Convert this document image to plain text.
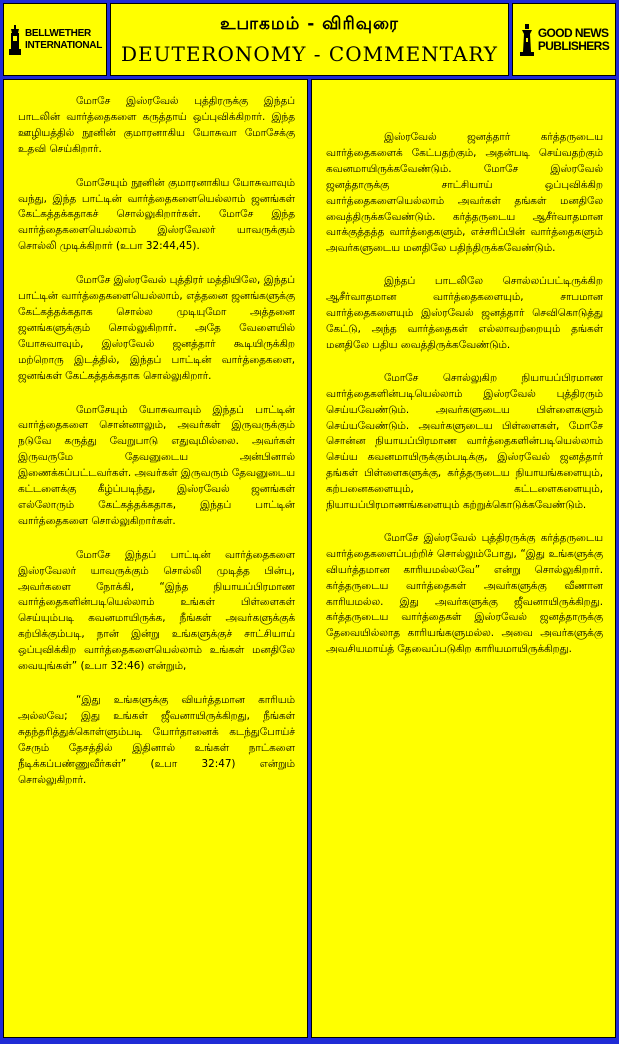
BELLWETHER
INTERNATIONAL
உபாகமம் - விரிவுரை
DEUTERONOMY - COMMENTARY
GOOD NEWS
PUBLISHERS

மோசே இஸ்ரவேல் புத்திரருக்கு இந்தப் பாடலின் வார்த்தைகளை கருத்தாய் ஒப்புவிக்கிறார். இந்த ஊழியத்தில் நூனின் குமாரனாகிய யோசுவா மோசேக்கு உதவி செய்கிறார்.

மோசேயும் நூனின் குமாரனாகிய யோசுவாவும் வந்து, இந்த பாட்டின் வார்த்தைகளையெல்லாம் ஜனங்கள் கேட்கத்தக்கதாகச் சொல்லுகிறார்கள். மோசே இந்த வார்த்தைகளையெல்லாம் இஸ்ரவேலர் யாவருக்கும் சொல்லி முடிக்கிறார் (உபா 32:44,45).

மோசே இஸ்ரவேல் புத்திரர் மத்தியிலே, இந்தப் பாட்டின் வார்த்தைகளையெல்லாம், எத்தனை ஜனங்களுக்கு கேட்கத்தக்கதாக சொல்ல முடியுமோ அத்தனை ஜனங்களுக்கும் சொல்லுகிறார். அதே வேளையில் யோசுவாவும், இஸ்ரவேல் ஜனத்தார் கூடியிருக்கிற மற்றொரு இடத்தில், இந்தப் பாட்டின் வார்த்தைகளை, ஜனங்கள் கேட்கத்தக்கதாக சொல்லுகிறார்.

மோசேயும் யோசுவாவும் இந்தப் பாட்டின் வார்த்தைகளை சொன்னாலும், அவர்கள் இருவருக்கும் நடுவே கருத்து வேறுபாடு எதுவுமில்லை. அவர்கள் இருவருமே தேவனுடைய அன்பினால் இணைக்கப்பட்டவர்கள். அவர்கள் இருவரும் தேவனுடைய கட்டளைக்கு கீழ்ப்படிந்து, இஸ்ரவேல் ஜனங்கள் எல்லோரும் கேட்கத்தக்கதாக, இந்தப் பாட்டின் வார்த்தைகளை சொல்லுகிறார்கள்.

மோசே இந்தப் பாட்டின் வார்த்தைகளை இஸ்ரவேலர் யாவருக்கும் சொல்லி முடித்த பின்பு, அவர்களை நோக்கி, “இந்த நியாயப்பிரமாண வார்த்தைகளின்படியெல்லாம் உங்கள் பிள்ளைகள் செய்யும்படி கவனமாயிருக்க, நீங்கள் அவர்களுக்குக் கற்பிக்கும்படி, நான் இன்று உங்களுக்குச் சாட்சியாய் ஒப்புவிக்கிற வார்த்தைகளையெல்லாம் உங்கள் மனதிலே வையுங்கள்” (உபா 32:46) என்றும்,

“இது உங்களுக்கு வியர்த்தமான காரியம் அல்லவே; இது உங்கள் ஜீவனாயிருக்கிறது, நீங்கள் சுதந்தரித்துக்கொள்ளும்படி யோர்தானைக் கடந்துபோய்ச் சேரும் தேசத்தில் இதினால் உங்கள் நாட்களை நீடிக்கப்பண்ணுவீர்கள்” (உபா 32:47) என்றும் சொல்லுகிறார்.

இஸ்ரவேல் ஜனத்தார் கர்த்தருடைய வார்த்தைகளைக் கேட்பதற்கும், அதன்படி செய்வதற்கும் கவனமாயிருக்கவேண்டும். மோசே இஸ்ரவேல் ஜனத்தாருக்கு சாட்சியாய் ஒப்புவிக்கிற வார்த்தைகளையெல்லாம் அவர்கள் தங்கள் மனதிலே வைத்திருக்கவேண்டும். கர்த்தருடைய ஆசீர்வாதமான வாக்குத்தத்த வார்த்தைகளும், எச்சரிப்பின் வார்த்தைகளும் அவர்களுடைய மனதிலே பதிந்திருக்கவேண்டும்.

இந்தப் பாடலிலே சொல்லப்பட்டிருக்கிற ஆசீர்வாதமான வார்த்தைகளையும், சாபமான வார்த்தைகளையும் இஸ்ரவேல் ஜனத்தார் செவிகொடுத்து கேட்டு, அந்த வார்த்தைகள் எல்லாவற்றையும் தங்கள் மனதிலே பதிய வைத்திருக்கவேண்டும்.

மோசே சொல்லுகிற நியாயப்பிரமாண வார்த்தைகளின்படியெல்லாம் இஸ்ரவேல் புத்திரரும் செய்யவேண்டும். அவர்களுடைய பிள்ளைகளும் செய்யவேண்டும். அவர்களுடைய பிள்ளைகள், மோசே சொன்ன நியாயப்பிரமாண வார்த்தைகளின்படியெல்லாம் செய்ய கவனமாயிருக்கும்படிக்கு, இஸ்ரவேல் ஜனத்தார் தங்கள் பிள்ளைகளுக்கு, கர்த்தருடைய நியாயங்களையும், கற்பனைகளையும், கட்டளைகளையும், நியாயப்பிரமாணங்களையும் கற்றுக்கொடுக்கவேண்டும்.

மோசே இஸ்ரவேல் புத்திரருக்கு கர்த்தருடைய வார்த்தைகளைப்பற்றிச் சொல்லும்போது, “இது உங்களுக்கு வியர்த்தமான காரியமல்லவே” என்று சொல்லுகிறார். கர்த்தருடைய வார்த்தைகள் அவர்களுக்கு வீணான காரியமல்ல. இது அவர்களுக்கு ஜீவனாயிருக்கிறது. கர்த்தருடைய வார்த்தைகள் இஸ்ரவேல் ஜனத்தாருக்கு தேவையில்லாத காரியங்களுமல்ல. அவை அவர்களுக்கு அவசியமாய்த் தேவைப்படுகிற காரியமாயிருக்கிறது.
